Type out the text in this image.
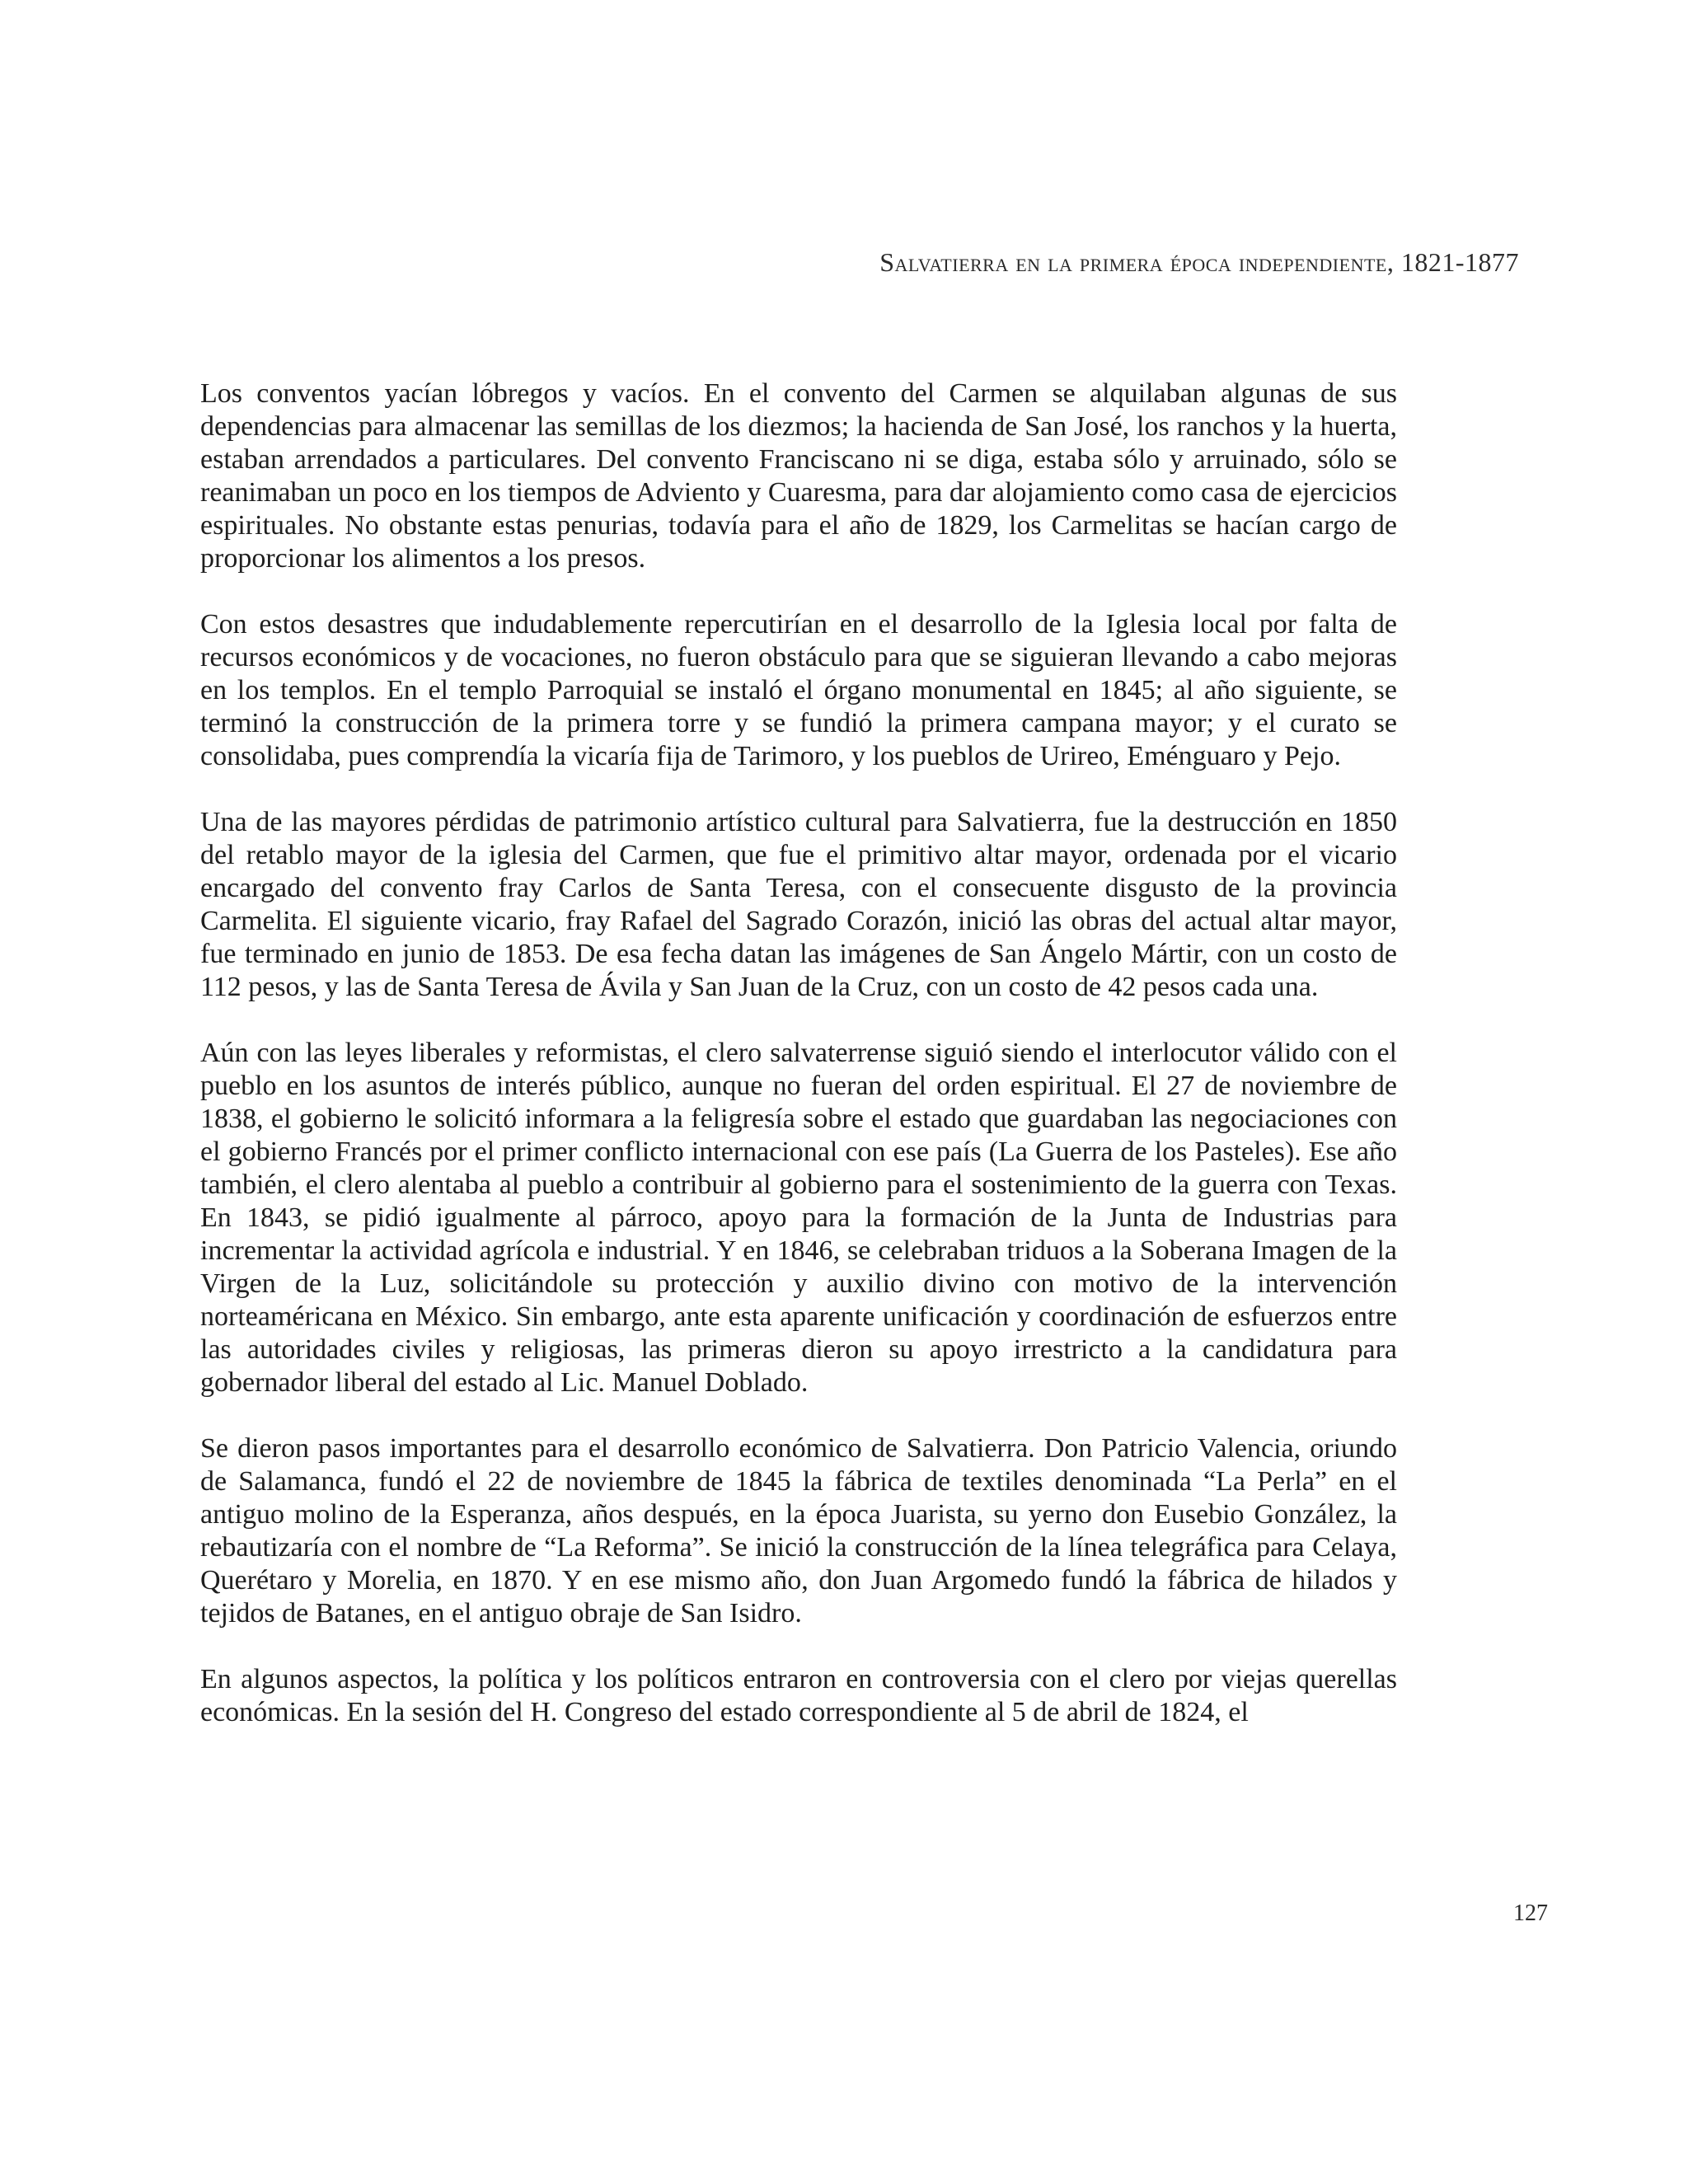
Salvatierra en la primera época independiente, 1821-1877

Los conventos yacían lóbregos y vacíos. En el convento del Carmen se alquilaban algunas de sus dependencias para almacenar las semillas de los diezmos; la hacienda de San José, los ranchos y la huerta, estaban arrendados a particulares. Del convento Franciscano ni se diga, estaba sólo y arruinado, sólo se reanimaban un poco en los tiempos de Adviento y Cuaresma, para dar alojamiento como casa de ejercicios espirituales. No obstante estas penurias, todavía para el año de 1829, los Carmelitas se hacían cargo de proporcionar los alimentos a los presos.

Con estos desastres que indudablemente repercutirían en el desarrollo de la Iglesia local por falta de recursos económicos y de vocaciones, no fueron obstáculo para que se siguieran llevando a cabo mejoras en los templos. En el templo Parroquial se instaló el órgano monumental en 1845; al año siguiente, se terminó la construcción de la primera torre y se fundió la primera campana mayor; y el curato se consolidaba, pues comprendía la vicaría fija de Tarimoro, y los pueblos de Urireo, Eménguaro y Pejo.

Una de las mayores pérdidas de patrimonio artístico cultural para Salvatierra, fue la destrucción en 1850 del retablo mayor de la iglesia del Carmen, que fue el primitivo altar mayor, ordenada por el vicario encargado del convento fray Carlos de Santa Teresa, con el consecuente disgusto de la provincia Carmelita. El siguiente vicario, fray Rafael del Sagrado Corazón, inició las obras del actual altar mayor, fue terminado en junio de 1853. De esa fecha datan las imágenes de San Ángelo Mártir, con un costo de 112 pesos, y las de Santa Teresa de Ávila y San Juan de la Cruz, con un costo de 42 pesos cada una.

Aún con las leyes liberales y reformistas, el clero salvaterrense siguió siendo el interlocutor válido con el pueblo en los asuntos de interés público, aunque no fueran del orden espiritual. El 27 de noviembre de 1838, el gobierno le solicitó informara a la feligresía sobre el estado que guardaban las negociaciones con el gobierno Francés por el primer conflicto internacional con ese país (La Guerra de los Pasteles). Ese año también, el clero alentaba al pueblo a contribuir al gobierno para el sostenimiento de la guerra con Texas. En 1843, se pidió igualmente al párroco, apoyo para la formación de la Junta de Industrias para incrementar la actividad agrícola e industrial. Y en 1846, se celebraban triduos a la Soberana Imagen de la Virgen de la Luz, solicitándole su protección y auxilio divino con motivo de la intervención norteaméricana en México. Sin embargo, ante esta aparente unificación y coordinación de esfuerzos entre las autoridades civiles y religiosas, las primeras dieron su apoyo irrestricto a la candidatura para gobernador liberal del estado al Lic. Manuel Doblado.

Se dieron pasos importantes para el desarrollo económico de Salvatierra. Don Patricio Valencia, oriundo de Salamanca, fundó el 22 de noviembre de 1845 la fábrica de textiles denominada “La Perla” en el antiguo molino de la Esperanza, años después, en la época Juarista, su yerno don Eusebio González, la rebautizaría con el nombre de “La Reforma”. Se inició la construcción de la línea telegráfica para Celaya, Querétaro y Morelia, en 1870. Y en ese mismo año, don Juan Argomedo fundó la fábrica de hilados y tejidos de Batanes, en el antiguo obraje de San Isidro.

En algunos aspectos, la política y los políticos entraron en controversia con el clero por viejas querellas económicas. En la sesión del H. Congreso del estado correspondiente al 5 de abril de 1824, el

127
